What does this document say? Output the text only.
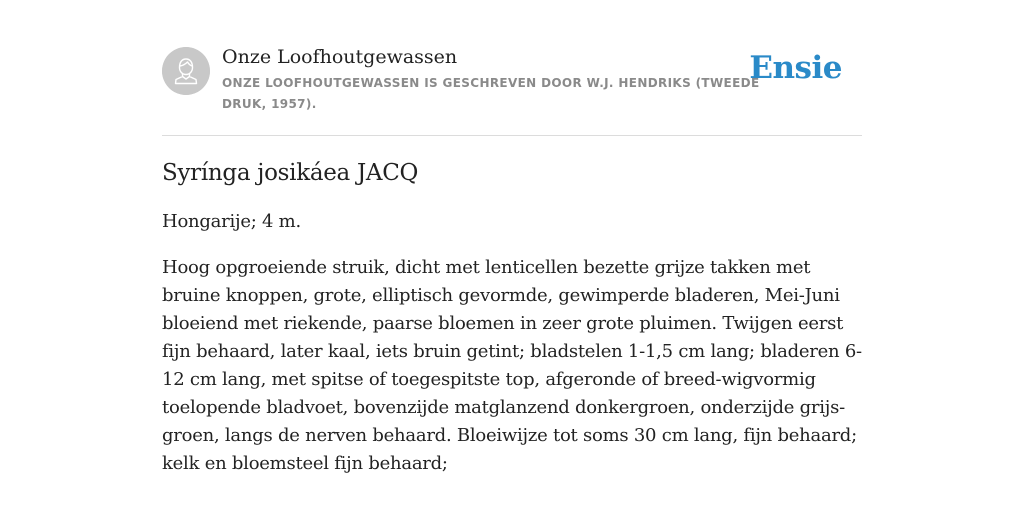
Onze Loofhoutgewassen
ONZE LOOFHOUTGEWASSEN IS GESCHREVEN DOOR W.J. HENDRIKS (TWEEDE DRUK, 1957).
Ensie
Syrínga josikáea JACQ

Hongarije; 4 m.

Hoog opgroeiende struik, dicht met lenticellen bezette grijze takken met bruine knoppen, grote, elliptisch gevormde, gewimperde bladeren, Mei-Juni bloeiend met riekende, paarse bloemen in zeer grote pluimen. Twijgen eerst fijn behaard, later kaal, iets bruin getint; bladstelen 1-1,5 cm lang; bladeren 6-12 cm lang, met spitse of toegespitste top, afgeronde of breed-wigvormig toelopende bladvoet, bovenzijde matglanzend donkergroen, onderzijde grijs-groen, langs de nerven behaard. Bloeiwijze tot soms 30 cm lang, fijn behaard; kelk en bloemsteel fijn behaard;
